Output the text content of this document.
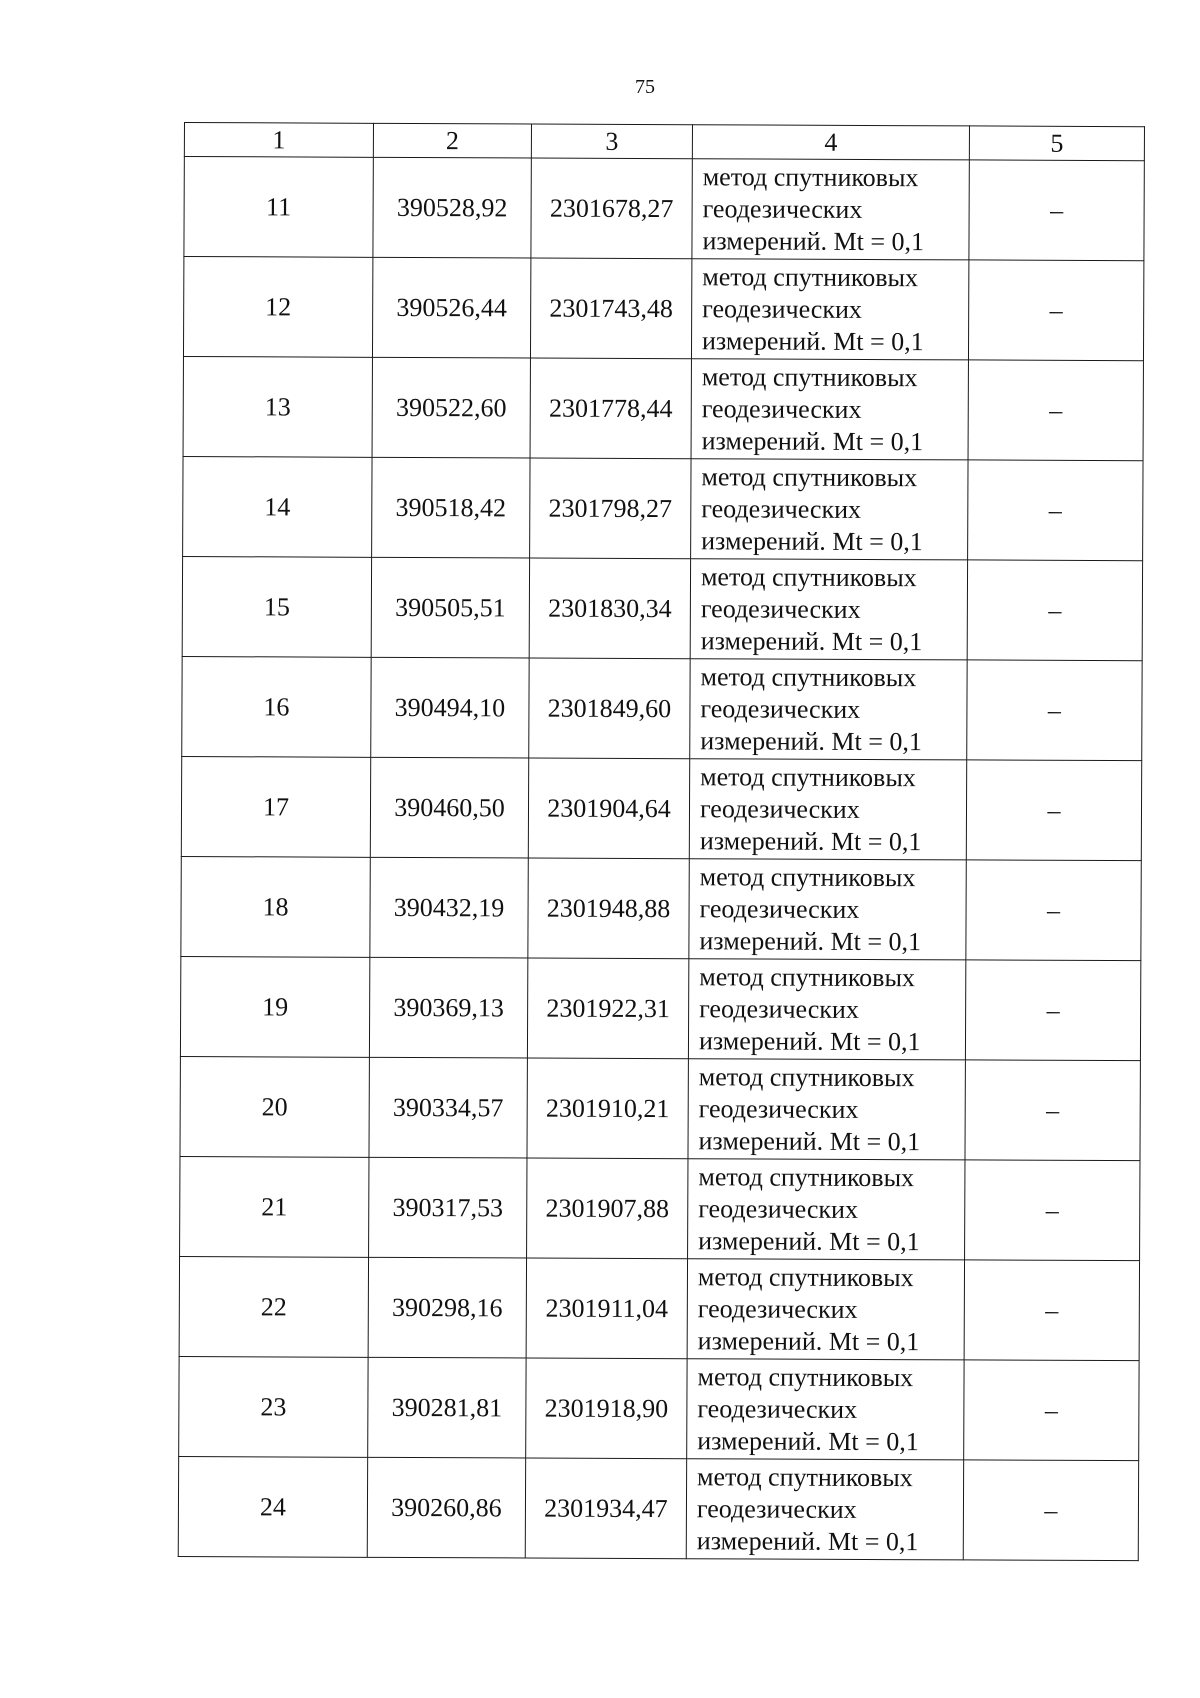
75
1	2	3	4	5
11	390528,92	2301678,27	метод спутниковых
геодезических
измерений. Mt = 0,1	–
12	390526,44	2301743,48	метод спутниковых
геодезических
измерений. Mt = 0,1	–
13	390522,60	2301778,44	метод спутниковых
геодезических
измерений. Mt = 0,1	–
14	390518,42	2301798,27	метод спутниковых
геодезических
измерений. Mt = 0,1	–
15	390505,51	2301830,34	метод спутниковых
геодезических
измерений. Mt = 0,1	–
16	390494,10	2301849,60	метод спутниковых
геодезических
измерений. Mt = 0,1	–
17	390460,50	2301904,64	метод спутниковых
геодезических
измерений. Mt = 0,1	–
18	390432,19	2301948,88	метод спутниковых
геодезических
измерений. Mt = 0,1	–
19	390369,13	2301922,31	метод спутниковых
геодезических
измерений. Mt = 0,1	–
20	390334,57	2301910,21	метод спутниковых
геодезических
измерений. Mt = 0,1	–
21	390317,53	2301907,88	метод спутниковых
геодезических
измерений. Mt = 0,1	–
22	390298,16	2301911,04	метод спутниковых
геодезических
измерений. Mt = 0,1	–
23	390281,81	2301918,90	метод спутниковых
геодезических
измерений. Mt = 0,1	–
24	390260,86	2301934,47	метод спутниковых
геодезических
измерений. Mt = 0,1	–
